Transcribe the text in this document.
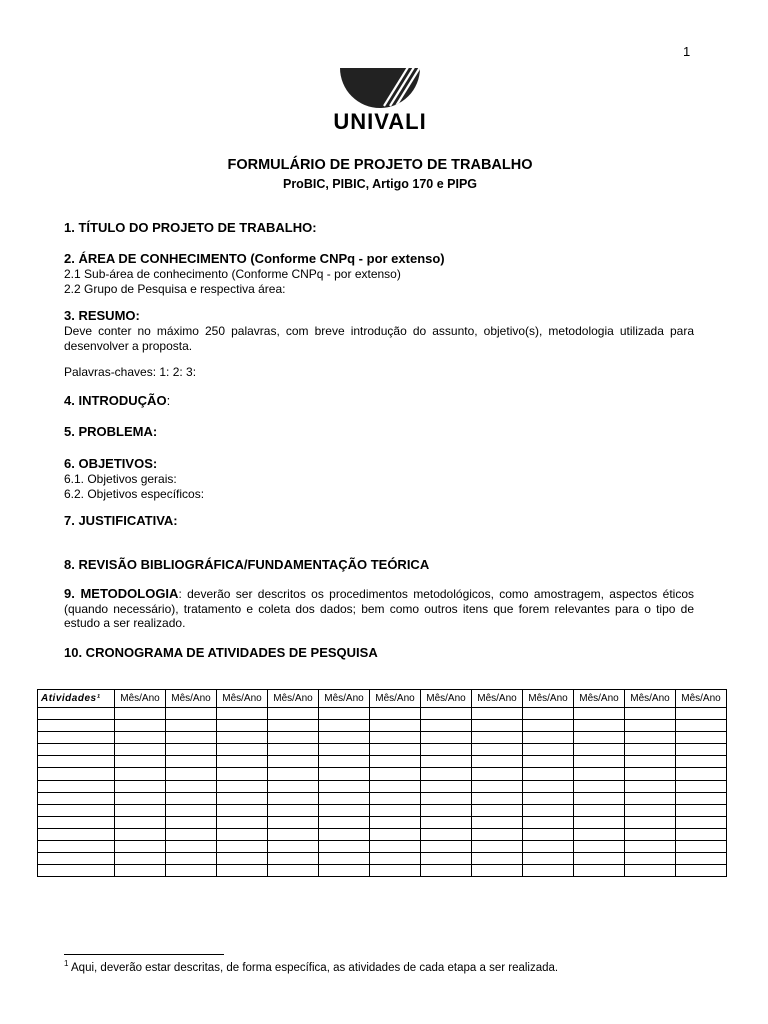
1
UNIVALI
FORMULÁRIO DE PROJETO DE TRABALHO
ProBIC, PIBIC, Artigo 170 e PIPG

1. TÍTULO DO PROJETO DE TRABALHO:

2. ÁREA DE CONHECIMENTO (Conforme CNPq - por extenso)

2.1 Sub-área de conhecimento (Conforme CNPq - por extenso)

2.2 Grupo de Pesquisa e respectiva área:

3. RESUMO:

Deve conter no máximo 250 palavras, com breve introdução do assunto, objetivo(s), metodologia utilizada para desenvolver a proposta.

Palavras-chaves: 1: 2: 3:

4. INTRODUÇÃO:

5. PROBLEMA:

6. OBJETIVOS:

6.1. Objetivos gerais:

6.2. Objetivos específicos:

7. JUSTIFICATIVA:

8. REVISÃO BIBLIOGRÁFICA/FUNDAMENTAÇÃO TEÓRICA

9. METODOLOGIA: deverão ser descritos os procedimentos metodológicos, como amostragem, aspectos éticos (quando necessário), tratamento e coleta dos dados; bem como outros itens que forem relevantes para o tipo de estudo a ser realizado.

10. CRONOGRAMA DE ATIVIDADES DE PESQUISA

Atividades¹	Mês/Ano	Mês/Ano	Mês/Ano	Mês/Ano	Mês/Ano	Mês/Ano	Mês/Ano	Mês/Ano	Mês/Ano	Mês/Ano	Mês/Ano	Mês/Ano

$^1$ Aqui, deverão estar descritas, de forma específica, as atividades de cada etapa a ser realizada.
